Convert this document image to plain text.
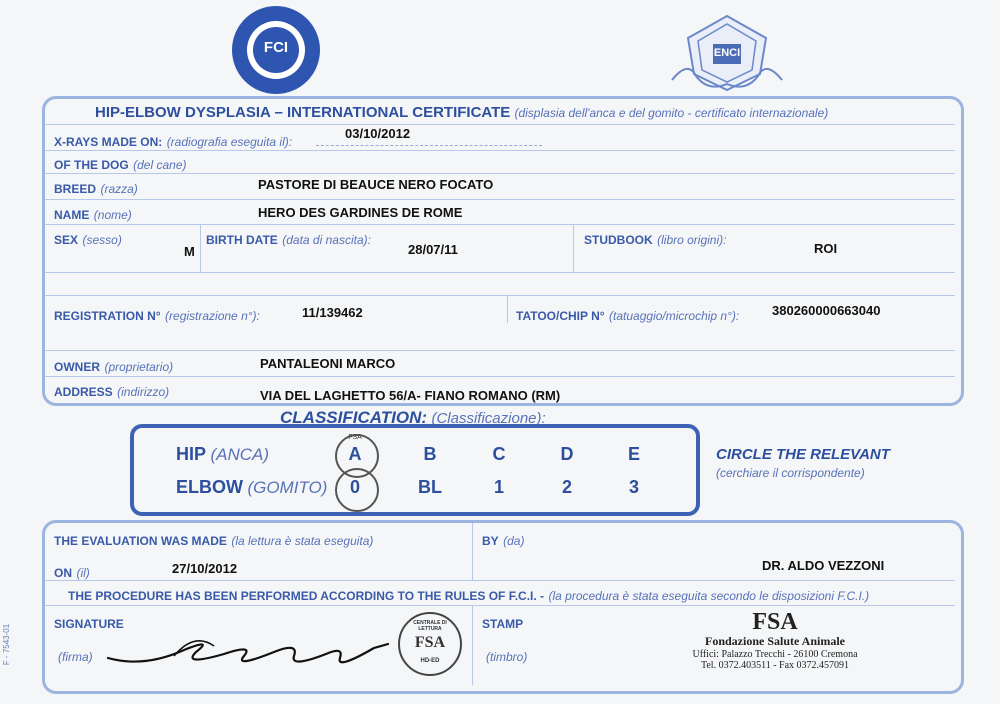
FCI	ENCI
HIP-ELBOW DYSPLASIA – INTERNATIONAL CERTIFICATE (displasia dell'anca e del gomito - certificato internazionale)
X-RAYS MADE ON: (radiografia eseguita il):
03/10/2012
OF THE DOG (del cane)
BREED (razza)	PASTORE DI BEAUCE NERO FOCATO
NAME (nome)	HERO DES GARDINES DE ROME
SEX (sesso)
M
BIRTH DATE (data di nascita):
28/07/11
STUDBOOK (libro origini):
ROI
REGISTRATION N° (registrazione n°):	11/139462	TATOO/CHIP N° (tatuaggio/microchip n°):	380260000663040
OWNER (proprietario)	PANTALEONI MARCO
ADDRESS (indirizzo)	VIA DEL LAGHETTO 56/A- FIANO ROMANO (RM)
CLASSIFICATION: (Classificazione):
HIP (ANCA)
ELBOW (GOMITO)
FSA
A	B	C	D	E
0	BL	1	2	3
CIRCLE THE RELEVANT
(cerchiare il corrispondente)
THE EVALUATION WAS MADE (la lettura è stata eseguita)
ON (il)	27/10/2012
BY (da)
DR. ALDO VEZZONI
THE PROCEDURE HAS BEEN PERFORMED ACCORDING TO THE RULES OF F.C.I. - (la procedura è stata eseguita secondo le disposizioni F.C.I.)
SIGNATURE
(firma)
CENTRALE DI LETTURA
FSA
HD-ED
STAMP
(timbro)
FSA
Fondazione Salute Animale
Uffici: Palazzo Trecchi - 26100 Cremona
Tel. 0372.403511 - Fax 0372.457091
F - 7543-01
